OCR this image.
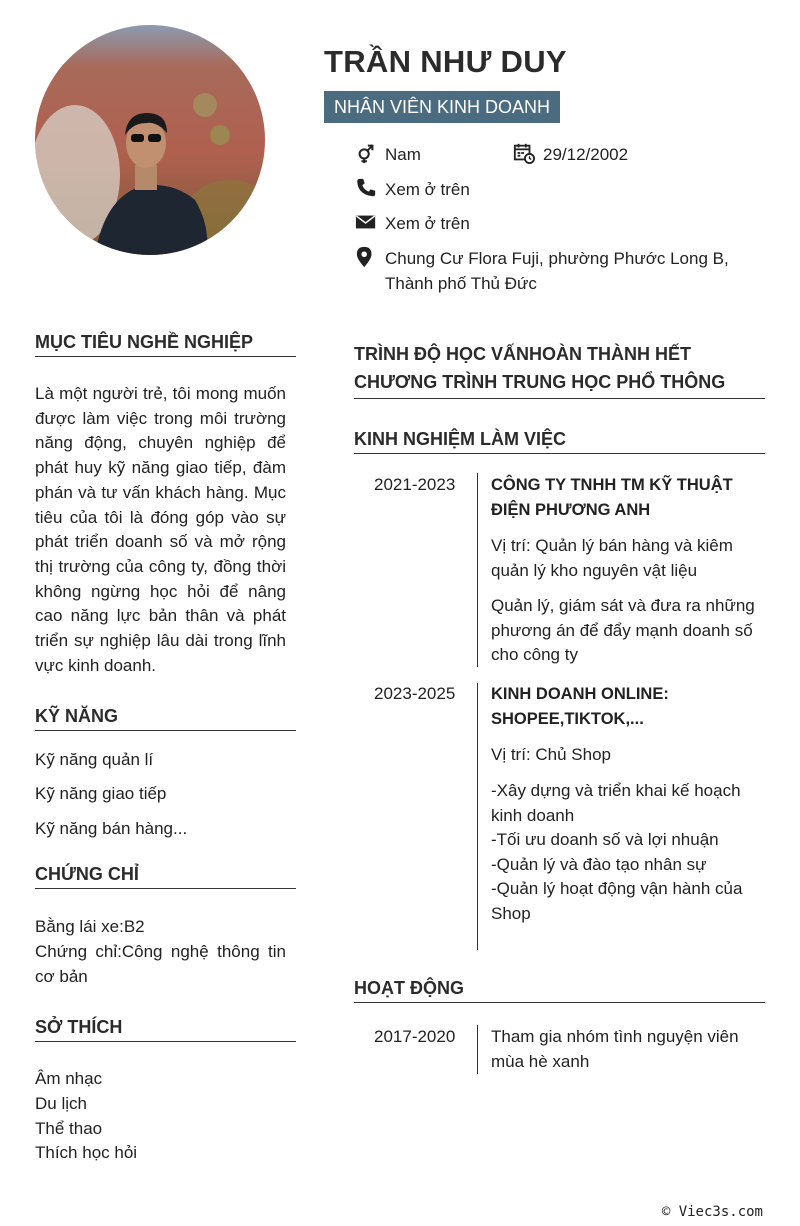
TRẦN NHƯ DUY
NHÂN VIÊN KINH DOANH
Nam	29/12/2002
Xem ở trên
Xem ở trên
Chung Cư Flora Fuji, phường Phước Long B,
Thành phố Thủ Đức
MỤC TIÊU NGHỀ NGHIỆP
Là một người trẻ, tôi mong muốn được làm việc trong môi trường năng động, chuyên nghiệp để phát huy kỹ năng giao tiếp, đàm phán và tư vấn khách hàng. Mục tiêu của tôi là đóng góp vào sự phát triển doanh số và mở rộng thị trường của công ty, đồng thời không ngừng học hỏi để nâng cao năng lực bản thân và phát triển sự nghiệp lâu dài trong lĩnh vực kinh doanh.
KỸ NĂNG
Kỹ năng quản lí
Kỹ năng giao tiếp
Kỹ năng bán hàng...
CHỨNG CHỈ
Bằng lái xe:B2
Chứng chỉ:Công nghệ thông tin cơ bản
SỞ THÍCH
Âm nhạc
Du lịch
Thể thao
Thích học hỏi
TRÌNH ĐỘ HỌC VẤNHOÀN THÀNH HẾT CHƯƠNG TRÌNH TRUNG HỌC PHỔ THÔNG
KINH NGHIỆM LÀM VIỆC
2021-2023 CÔNG TY TNHH TM KỸ THUẬT ĐIỆN PHƯƠNG ANH
Vị trí: Quản lý bán hàng và kiêm quản lý kho nguyên vật liệu
Quản lý, giám sát và đưa ra những phương án để đẩy mạnh doanh số cho công ty
2023-2025 KINH DOANH ONLINE: SHOPEE,TIKTOK,...
Vị trí: Chủ Shop
-Xây dựng và triển khai kế hoạch kinh doanh
-Tối ưu doanh số và lợi nhuận
-Quản lý và đào tạo nhân sự
-Quản lý hoạt động vận hành của Shop
HOẠT ĐỘNG
2017-2020 Tham gia nhóm tình nguyện viên mùa hè xanh
© Viec3s.com
